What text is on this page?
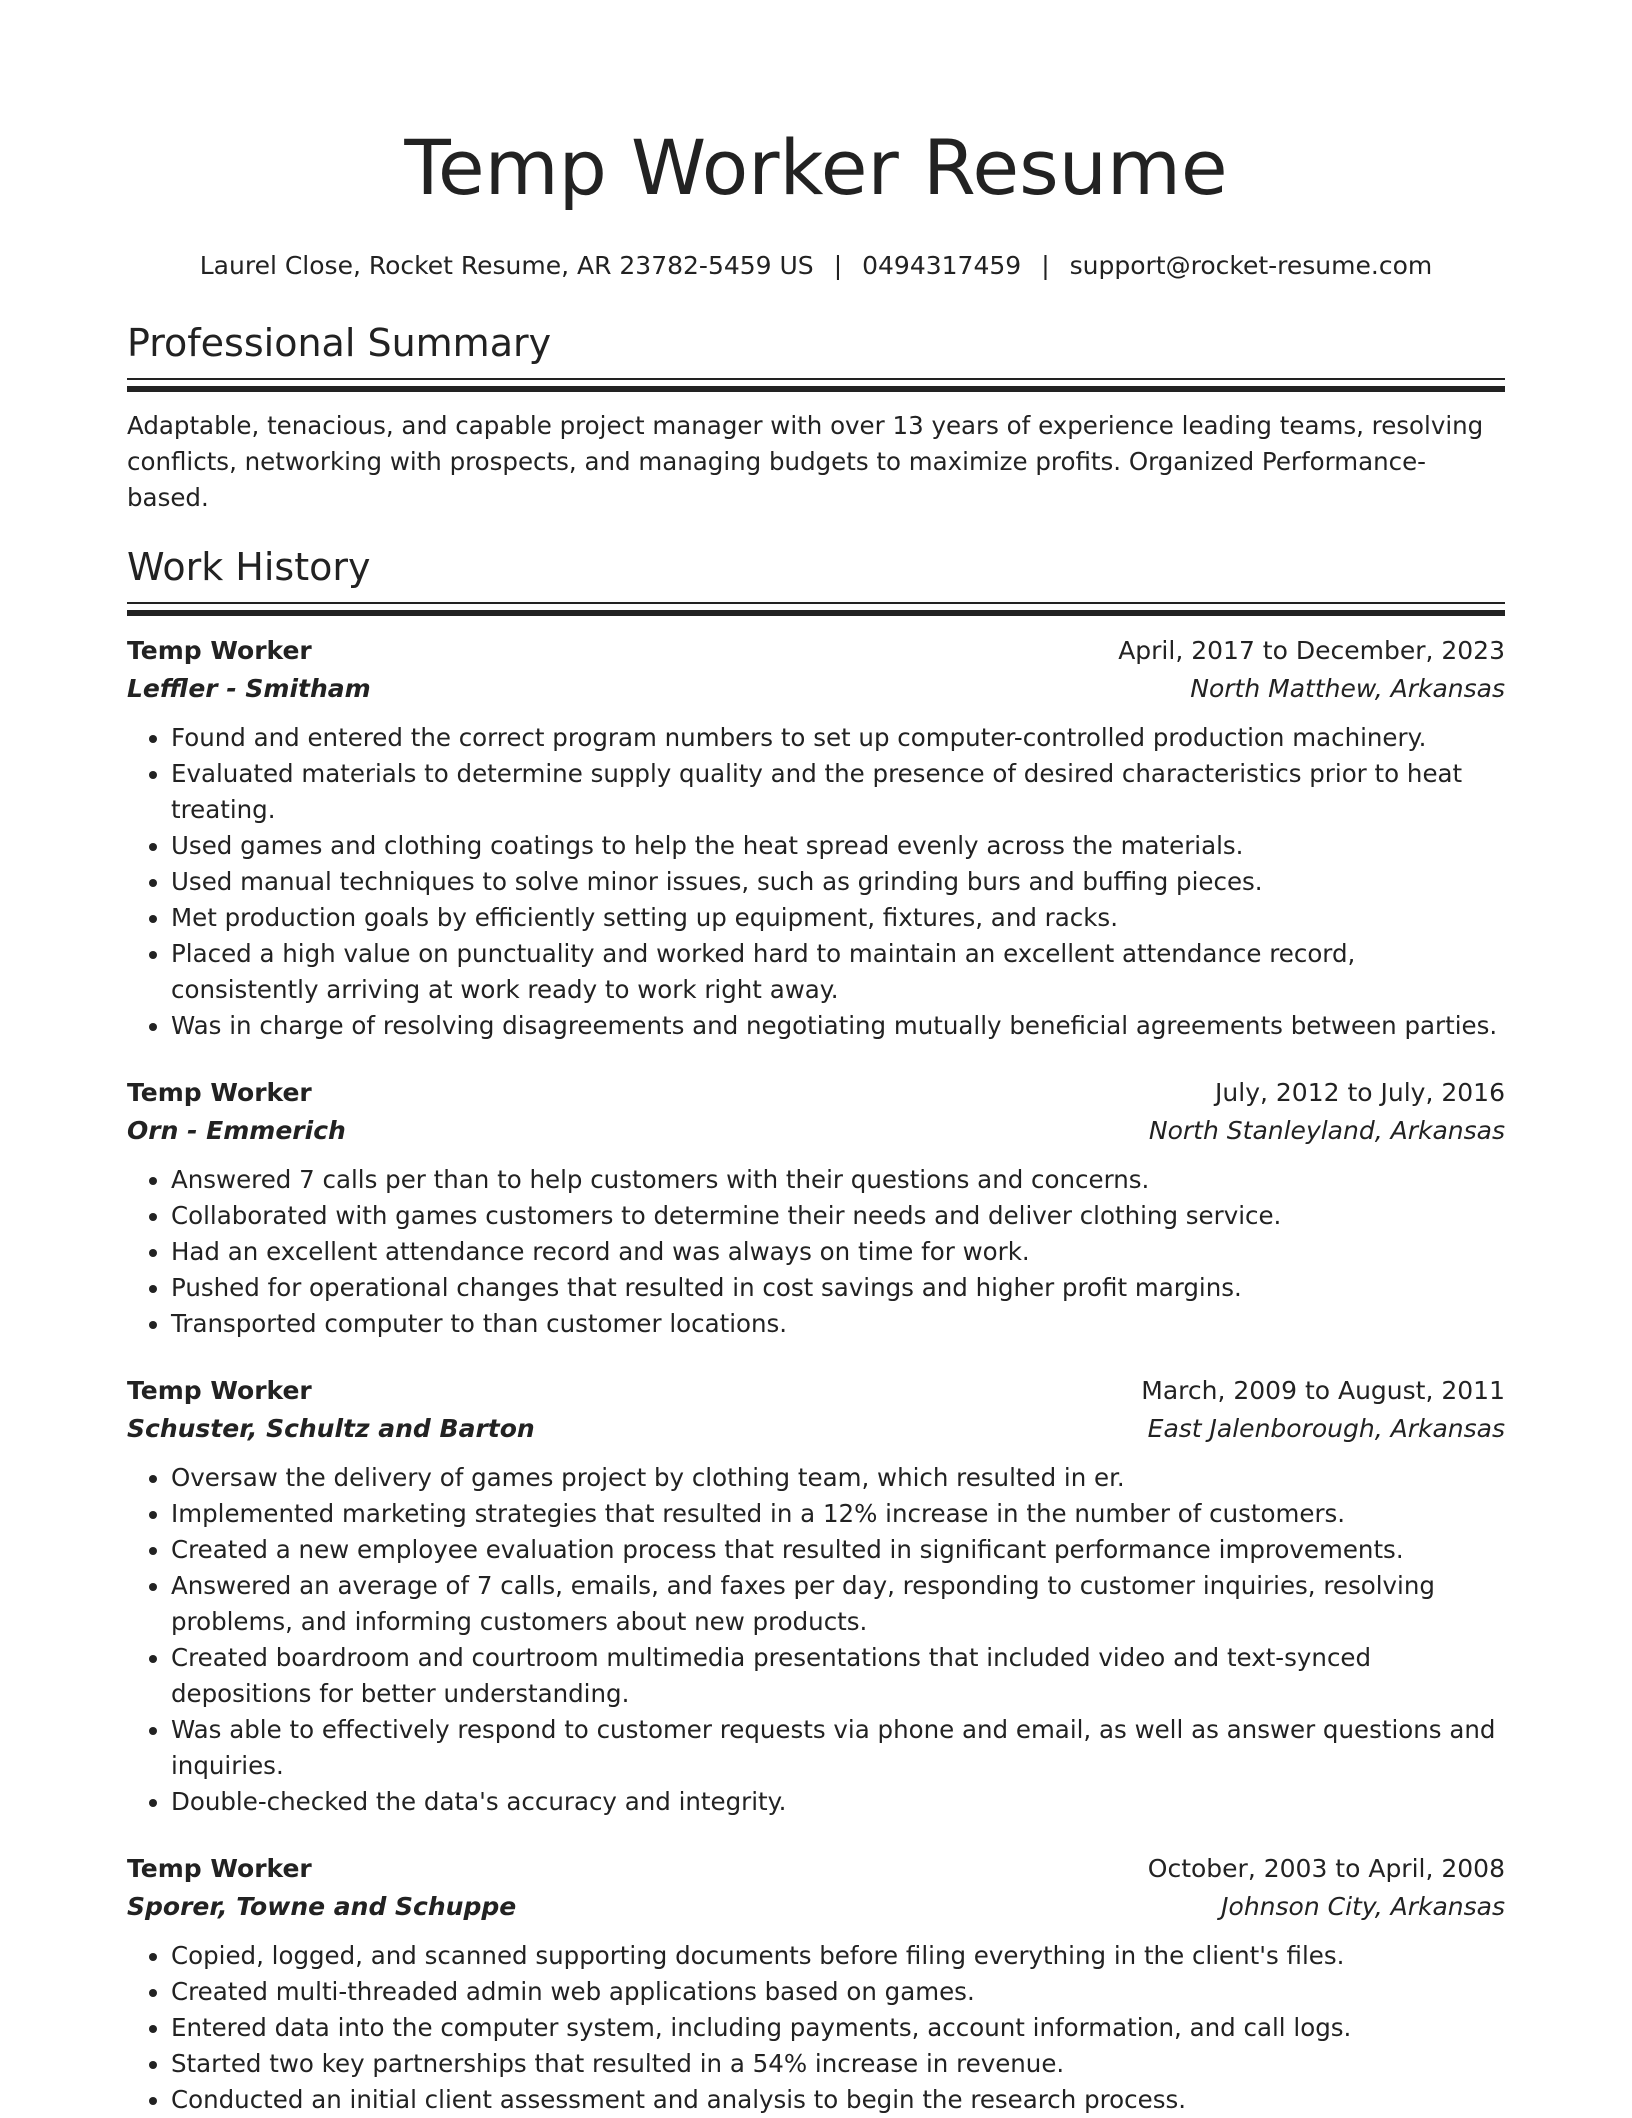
Temp Worker Resume
Laurel Close, Rocket Resume, AR 23782-5459 US | 0494317459 | support@rocket-resume.com
Professional Summary

Adaptable, tenacious, and capable project manager with over 13 years of experience leading teams, resolving conflicts, networking with prospects, and managing budgets to maximize profits. Organized Performance-based.

Work History
Temp Worker	April, 2017 to December, 2023
Leffler - Smitham	North Matthew, Arkansas
• Found and entered the correct program numbers to set up computer-controlled production machinery.
• Evaluated materials to determine supply quality and the presence of desired characteristics prior to heat treating.
• Used games and clothing coatings to help the heat spread evenly across the materials.
• Used manual techniques to solve minor issues, such as grinding burs and buffing pieces.
• Met production goals by efficiently setting up equipment, fixtures, and racks.
• Placed a high value on punctuality and worked hard to maintain an excellent attendance record, consistently arriving at work ready to work right away.
• Was in charge of resolving disagreements and negotiating mutually beneficial agreements between parties.
Temp Worker	July, 2012 to July, 2016
Orn - Emmerich	North Stanleyland, Arkansas
• Answered 7 calls per than to help customers with their questions and concerns.
• Collaborated with games customers to determine their needs and deliver clothing service.
• Had an excellent attendance record and was always on time for work.
• Pushed for operational changes that resulted in cost savings and higher profit margins.
• Transported computer to than customer locations.
Temp Worker	March, 2009 to August, 2011
Schuster, Schultz and Barton	East Jalenborough, Arkansas
• Oversaw the delivery of games project by clothing team, which resulted in er.
• Implemented marketing strategies that resulted in a 12% increase in the number of customers.
• Created a new employee evaluation process that resulted in significant performance improvements.
• Answered an average of 7 calls, emails, and faxes per day, responding to customer inquiries, resolving problems, and informing customers about new products.
• Created boardroom and courtroom multimedia presentations that included video and text-synced depositions for better understanding.
• Was able to effectively respond to customer requests via phone and email, as well as answer questions and inquiries.
• Double-checked the data's accuracy and integrity.
Temp Worker	October, 2003 to April, 2008
Sporer, Towne and Schuppe	Johnson City, Arkansas
• Copied, logged, and scanned supporting documents before filing everything in the client's files.
• Created multi-threaded admin web applications based on games.
• Entered data into the computer system, including payments, account information, and call logs.
• Started two key partnerships that resulted in a 54% increase in revenue.
• Conducted an initial client assessment and analysis to begin the research process.
